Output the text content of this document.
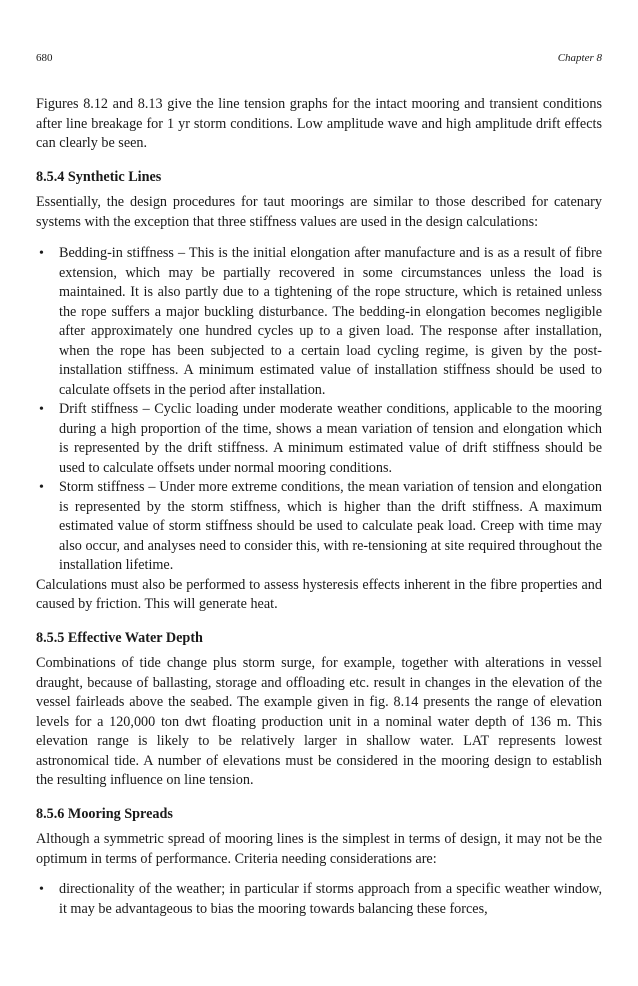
680	Chapter 8

Figures 8.12 and 8.13 give the line tension graphs for the intact mooring and transient conditions after line breakage for 1 yr storm conditions. Low amplitude wave and high amplitude drift effects can clearly be seen.

8.5.4 Synthetic Lines

Essentially, the design procedures for taut moorings are similar to those described for catenary systems with the exception that three stiffness values are used in the design calculations:

• Bedding-in stiffness – This is the initial elongation after manufacture and is as a result of fibre extension, which may be partially recovered in some circumstances unless the load is maintained. It is also partly due to a tightening of the rope structure, which is retained unless the rope suffers a major buckling disturbance. The bedding-in elongation becomes negligible after approximately one hundred cycles up to a given load. The response after installation, when the rope has been subjected to a certain load cycling regime, is given by the post-installation stiffness. A minimum estimated value of installation stiffness should be used to calculate offsets in the period after installation.

• Drift stiffness – Cyclic loading under moderate weather conditions, applicable to the mooring during a high proportion of the time, shows a mean variation of tension and elongation which is represented by the drift stiffness. A minimum estimated value of drift stiffness should be used to calculate offsets under normal mooring conditions.

• Storm stiffness – Under more extreme conditions, the mean variation of tension and elongation is represented by the storm stiffness, which is higher than the drift stiffness. A maximum estimated value of storm stiffness should be used to calculate peak load. Creep with time may also occur, and analyses need to consider this, with re-tensioning at site required throughout the installation lifetime.

Calculations must also be performed to assess hysteresis effects inherent in the fibre properties and caused by friction. This will generate heat.

8.5.5 Effective Water Depth

Combinations of tide change plus storm surge, for example, together with alterations in vessel draught, because of ballasting, storage and offloading etc. result in changes in the elevation of the vessel fairleads above the seabed. The example given in fig. 8.14 presents the range of elevation levels for a 120,000 ton dwt floating production unit in a nominal water depth of 136 m. This elevation range is likely to be relatively larger in shallow water. LAT represents lowest astronomical tide. A number of elevations must be considered in the mooring design to establish the resulting influence on line tension.

8.5.6 Mooring Spreads

Although a symmetric spread of mooring lines is the simplest in terms of design, it may not be the optimum in terms of performance. Criteria needing considerations are:

• directionality of the weather; in particular if storms approach from a specific weather window, it may be advantageous to bias the mooring towards balancing these forces,
